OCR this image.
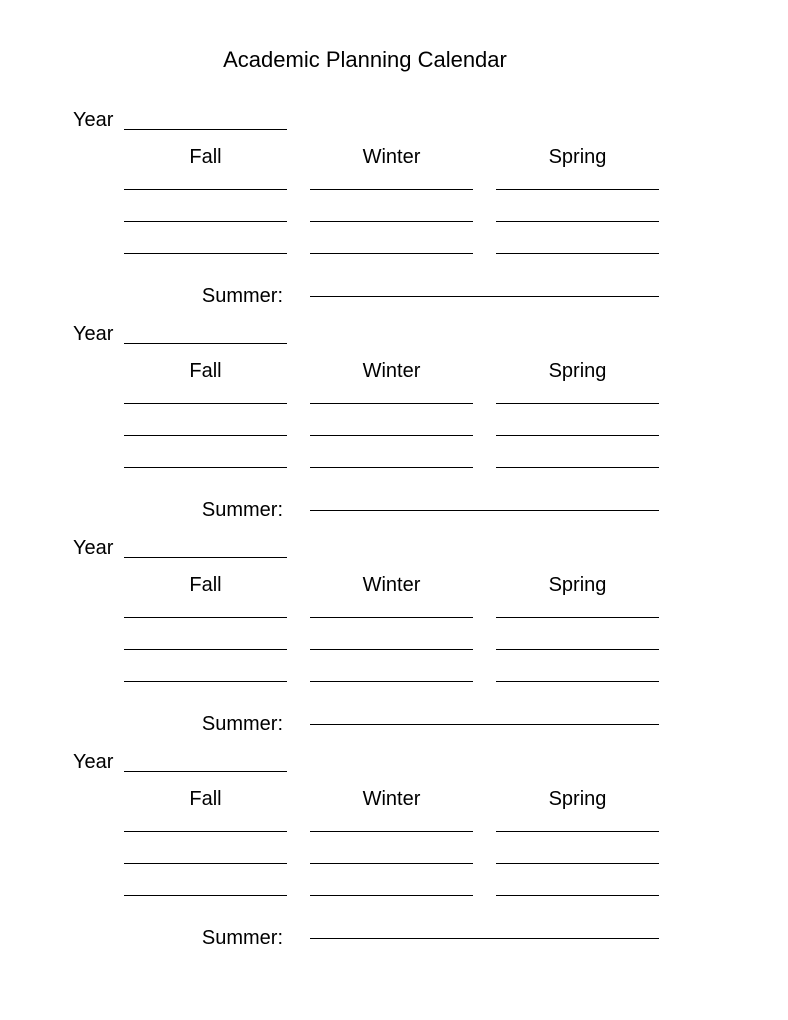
Academic Planning Calendar
Year
Fall	Winter	Spring
Summer:
Year
Fall	Winter	Spring
Summer:
Year
Fall	Winter	Spring
Summer:
Year
Fall	Winter	Spring
Summer:
